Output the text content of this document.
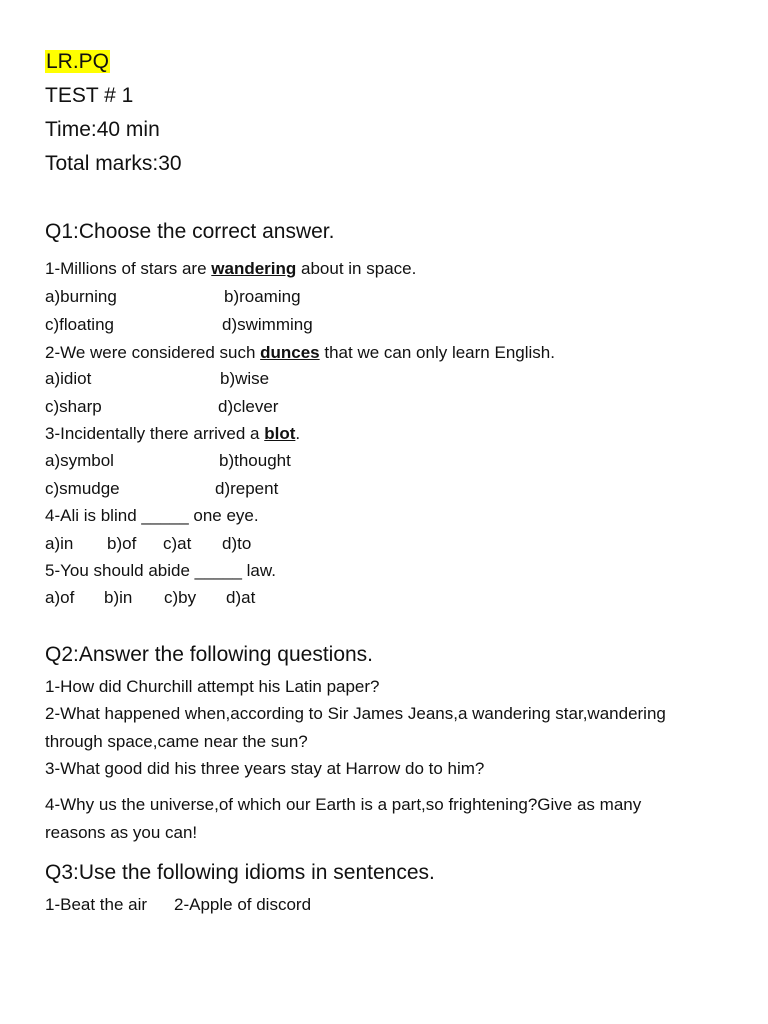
LR.PQ
TEST # 1
Time:40 min
Total marks:30
Q1:Choose the correct answer.
1-Millions of stars are wandering about in space.
a)burning	b)roaming
c)floating	d)swimming
2-We were considered such dunces that we can only learn English.
a)idiot	b)wise
c)sharp	d)clever
3-Incidentally there arrived a blot.
a)symbol	b)thought
c)smudge	d)repent
4-Ali is blind _____ one eye.
a)in b)of c)at d)to
5-You should abide _____ law.
a)of b)in c)by d)at
Q2:Answer the following questions.
1-How did Churchill attempt his Latin paper?
2-What happened when,according to Sir James Jeans,a wandering star,wandering
through space,came near the sun?
3-What good did his three years stay at Harrow do to him?
4-Why us the universe,of which our Earth is a part,so frightening?Give as many
reasons as you can!
Q3:Use the following idioms in sentences.
1-Beat the air 2-Apple of discord
